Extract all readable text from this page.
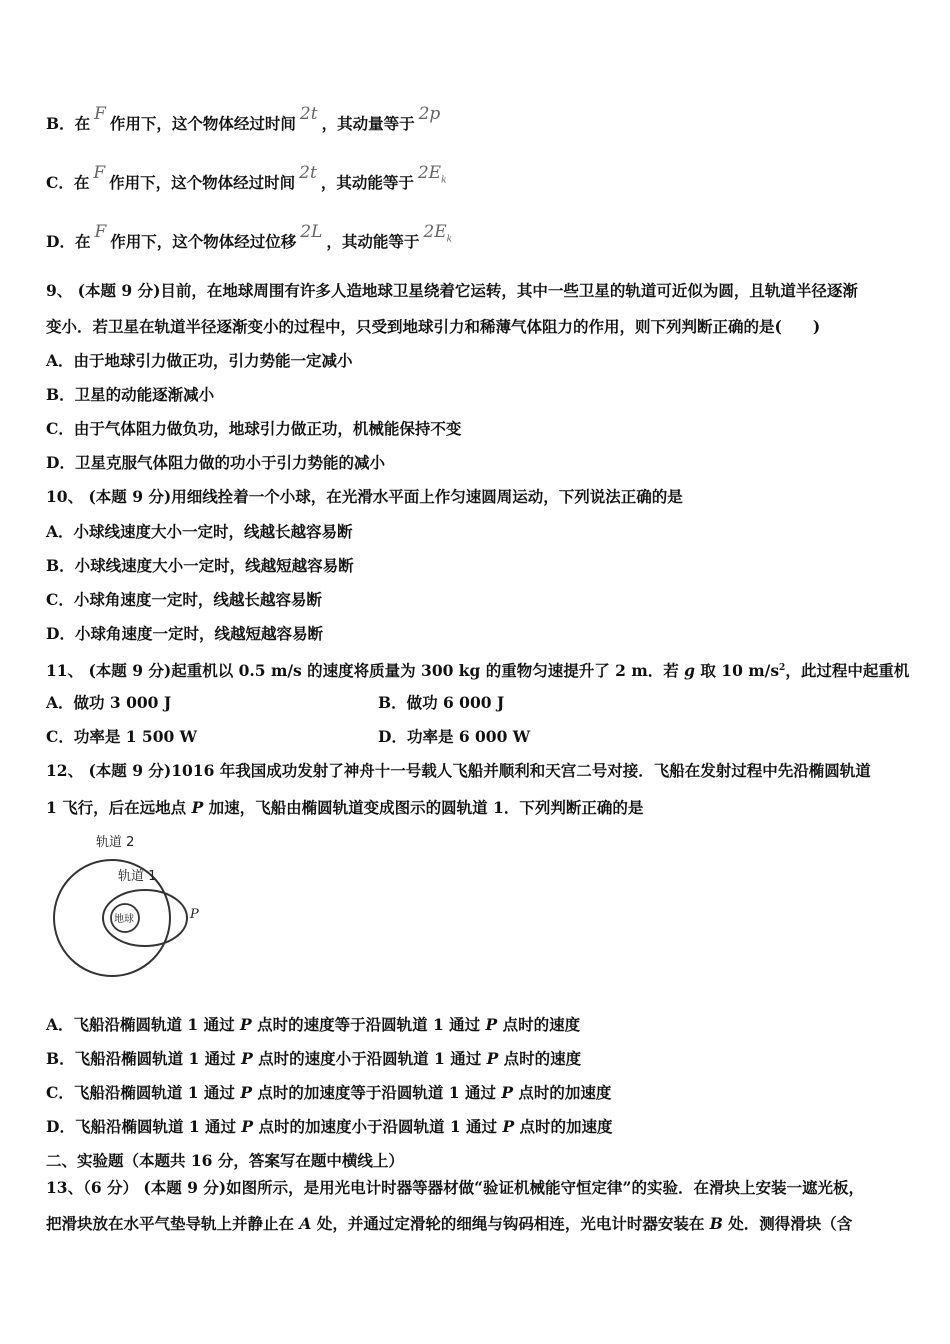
B．在 F 作用下，这个物体经过时间 2t ，其动量等于 2p
C．在 F 作用下，这个物体经过时间 2t ，其动能等于 $2E_k$
D．在 F 作用下，这个物体经过位移 2L ，其动能等于 $2E_k$
9、 (本题 9 分)目前，在地球周围有许多人造地球卫星绕着它运转，其中一些卫星的轨道可近似为圆，且轨道半径逐渐
变小．若卫星在轨道半径逐渐变小的过程中，只受到地球引力和稀薄气体阻力的作用，则下列判断正确的是(　　)
A．由于地球引力做正功，引力势能一定减小
B．卫星的动能逐渐减小
C．由于气体阻力做负功，地球引力做正功，机械能保持不变
D．卫星克服气体阻力做的功小于引力势能的减小
10、 (本题 9 分)用细线拴着一个小球，在光滑水平面上作匀速圆周运动，下列说法正确的是
A．小球线速度大小一定时，线越长越容易断
B．小球线速度大小一定时，线越短越容易断
C．小球角速度一定时，线越长越容易断
D．小球角速度一定时，线越短越容易断
11、 (本题 9 分)起重机以 0.5 m/s 的速度将质量为 300 kg 的重物匀速提升了 2 m．若 g 取 10 $m/s^2$，此过程中起重机
A．做功 3 000 J	B．做功 6 000 J
C．功率是 1 500 W	D．功率是 6 000 W
12、 (本题 9 分)1016 年我国成功发射了神舟十一号载人飞船并顺利和天宫二号对接．飞船在发射过程中先沿椭圆轨道
1 飞行，后在远地点 P 加速，飞船由椭圆轨道变成图示的圆轨道 1．下列判断正确的是
轨道 2
轨道 1
地球	P
A．飞船沿椭圆轨道 1 通过 P 点时的速度等于沿圆轨道 1 通过 P 点时的速度
B．飞船沿椭圆轨道 1 通过 P 点时的速度小于沿圆轨道 1 通过 P 点时的速度
C．飞船沿椭圆轨道 1 通过 P 点时的加速度等于沿圆轨道 1 通过 P 点时的加速度
D．飞船沿椭圆轨道 1 通过 P 点时的加速度小于沿圆轨道 1 通过 P 点时的加速度
二、实验题（本题共 16 分，答案写在题中横线上）
13、（6 分） (本题 9 分)如图所示，是用光电计时器等器材做“验证机械能守恒定律”的实验．在滑块上安装一遮光板，
把滑块放在水平气垫导轨上并静止在 A 处，并通过定滑轮的细绳与钩码相连，光电计时器安装在 B 处．测得滑块（含
